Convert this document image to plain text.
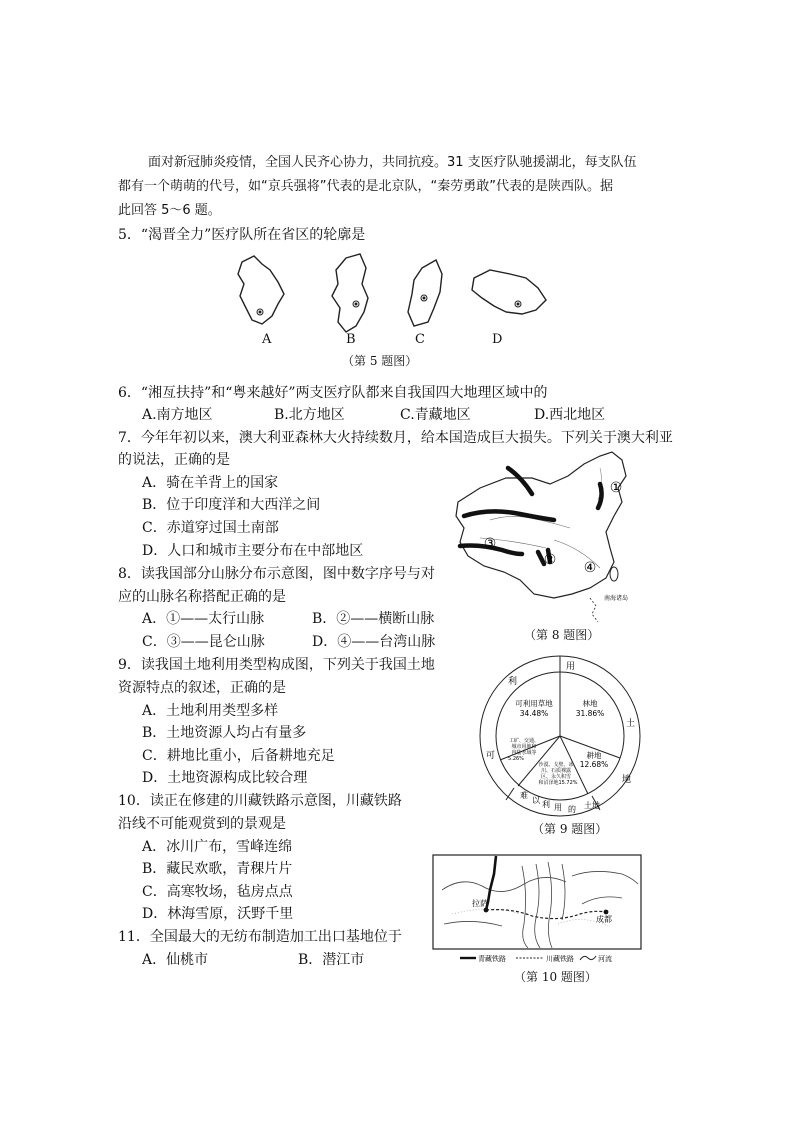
面对新冠肺炎疫情，全国人民齐心协力，共同抗疫。31 支医疗队驰援湖北，每支队伍
都有一个萌萌的代号，如“京兵强将”代表的是北京队，“秦劳勇敢”代表的是陕西队。据
此回答 5～6 题。
5．“渴晋全力”医疗队所在省区的轮廓是
A	B	C	D
（第 5 题图）
6．“湘亙扶持”和“粤来越好”两支医疗队都来自我国四大地理区域中的
A.南方地区	B.北方地区	C.青藏地区	D.西北地区
7．今年年初以来，澳大利亚森林大火持续数月，给本国造成巨大损失。下列关于澳大利亚
的说法，正确的是
A．骑在羊背上的国家
B．位于印度洋和大西洋之间
C．赤道穿过国土南部
D．人口和城市主要分布在中部地区
①
②
③
④
南海诸岛
8．读我国部分山脉分布示意图，图中数字序号与对
应的山脉名称搭配正确的是
A．①——太行山脉	B．②——横断山脉
C．③——昆仑山脉	D．④——台湾山脉	（第 8 题图）
用
土
地
土地
的
用
利
以
难
可
利
可利用草地
34.48%
林地
31.86%
耕地
12.68%
工矿、交通、
城市用地和
内陆水域等
5.26%
沙漠、戈壁、冰
川、石质裸露
区、永久积雪
和沼泽地15.72%
（第 9 题图）
9．读我国土地利用类型构成图，下列关于我国土地
资源特点的叙述，正确的是
A．土地利用类型多样
B．土地资源人均占有量多
C．耕地比重小，后备耕地充足
D．土地资源构成比较合理
10．读正在修建的川藏铁路示意图，川藏铁路
沿线不可能观赏到的景观是
A．冰川广布，雪峰连绵
B．藏民欢歌，青稞片片
C．高寒牧场，毡房点点
D．林海雪原，沃野千里
拉萨
成都
青藏铁路	川藏铁路	河流
（第 10 题图）
11．全国最大的无纺布制造加工出口基地位于
A．仙桃市	B．潜江市
